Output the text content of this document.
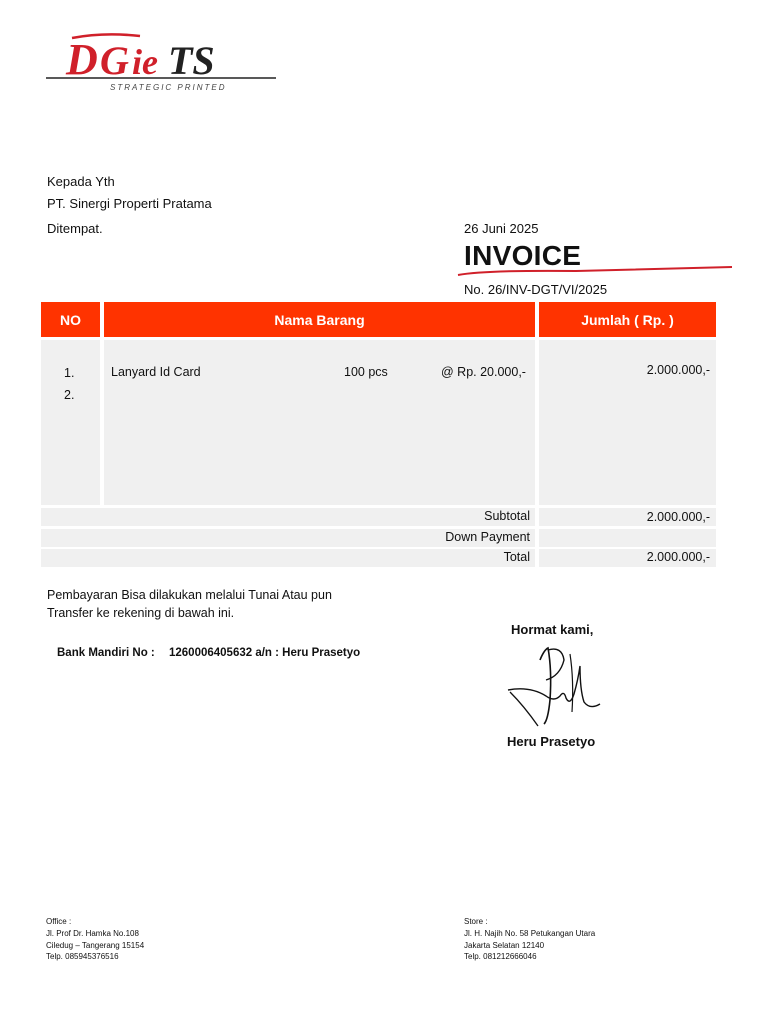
D G ie TS
STRATEGIC PRINTED
Kepada Yth
PT. Sinergi Properti Pratama
Ditempat.	26 Juni 2025
INVOICE
No. 26/INV-DGT/VI/2025
NO	Nama Barang	Jumlah ( Rp. )
1.	Lanyard Id Card	100 pcs	@ Rp. 20.000,-	2.000.000,-
2.
Subtotal	2.000.000,-
Down Payment
Total	2.000.000,-
Pembayaran Bisa dilakukan melalui Tunai Atau pun
Transfer ke rekening di bawah ini.
Bank Mandiri No : 1260006405632 a/n : Heru Prasetyo
Hormat kami,
Heru Prasetyo
Office :
Jl. Prof Dr. Hamka No.108
Ciledug – Tangerang 15154
Telp. 085945376516
Store :
Jl. H. Najih No. 58 Petukangan Utara
Jakarta Selatan 12140
Telp. 081212666046
